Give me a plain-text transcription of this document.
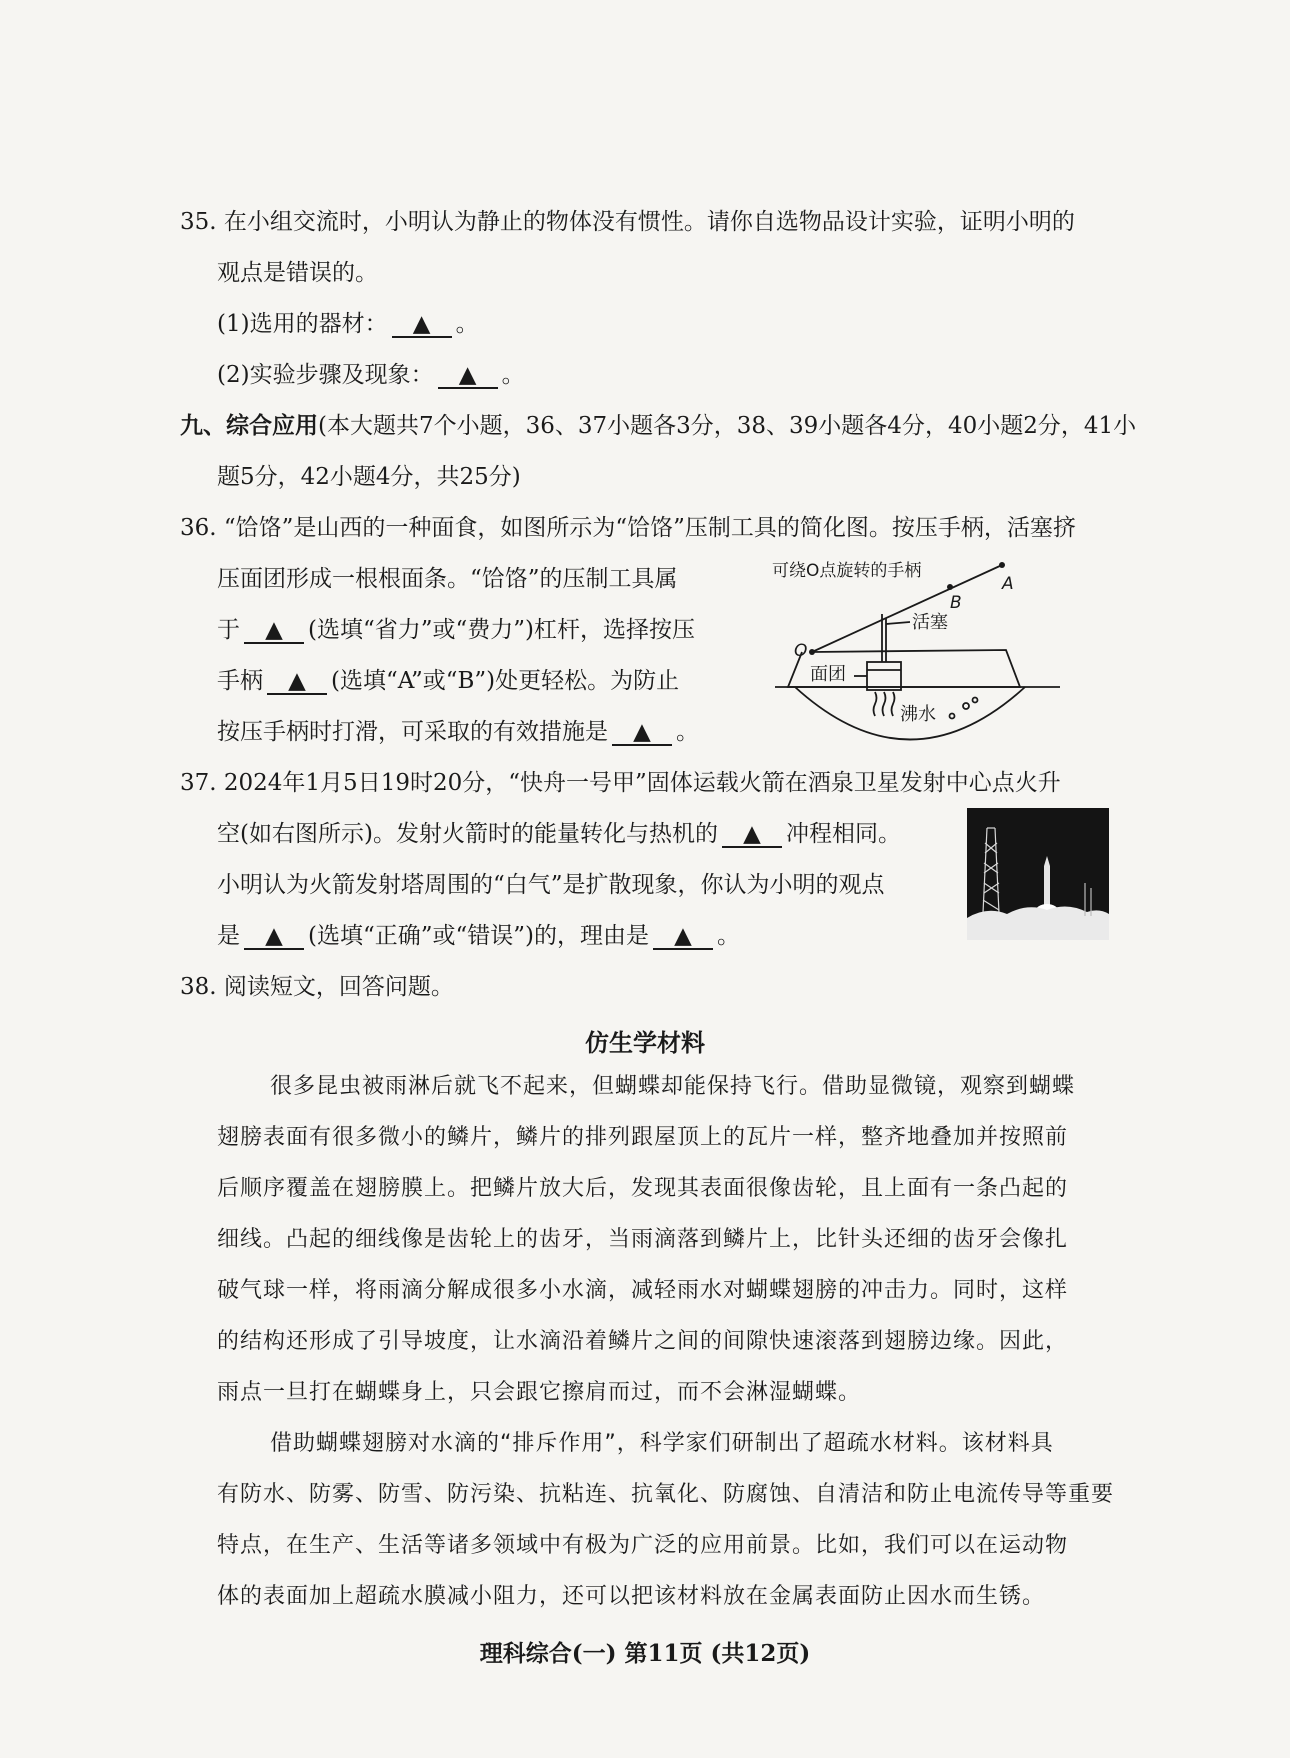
35. 在小组交流时，小明认为静止的物体没有惯性。请你自选物品设计实验，证明小明的
观点是错误的。
(1)选用的器材： ▲ 。
(2)实验步骤及现象： ▲ 。
九、综合应用(本大题共7个小题，36、37小题各3分，38、39小题各4分，40小题2分，41小
题5分，42小题4分，共25分)
36. “饸饹”是山西的一种面食，如图所示为“饸饹”压制工具的简化图。按压手柄，活塞挤
压面团形成一根根面条。“饸饹”的压制工具属
于 ▲ (选填“省力”或“费力”)杠杆，选择按压
手柄 ▲ (选填“A”或“B”)处更轻松。为防止
按压手柄时打滑，可采取的有效措施是 ▲ 。
可绕O点旋转的手柄
A
B
O
活塞
面团
沸水
37. 2024年1月5日19时20分，“快舟一号甲”固体运载火箭在酒泉卫星发射中心点火升
空(如右图所示)。发射火箭时的能量转化与热机的 ▲ 冲程相同。
小明认为火箭发射塔周围的“白气”是扩散现象，你认为小明的观点
是 ▲ (选填“正确”或“错误”)的，理由是 ▲ 。
38. 阅读短文，回答问题。
仿生学材料
很多昆虫被雨淋后就飞不起来，但蝴蝶却能保持飞行。借助显微镜，观察到蝴蝶
翅膀表面有很多微小的鳞片，鳞片的排列跟屋顶上的瓦片一样，整齐地叠加并按照前
后顺序覆盖在翅膀膜上。把鳞片放大后，发现其表面很像齿轮，且上面有一条凸起的
细线。凸起的细线像是齿轮上的齿牙，当雨滴落到鳞片上，比针头还细的齿牙会像扎
破气球一样，将雨滴分解成很多小水滴，减轻雨水对蝴蝶翅膀的冲击力。同时，这样
的结构还形成了引导坡度，让水滴沿着鳞片之间的间隙快速滚落到翅膀边缘。因此，
雨点一旦打在蝴蝶身上，只会跟它擦肩而过，而不会淋湿蝴蝶。
借助蝴蝶翅膀对水滴的“排斥作用”，科学家们研制出了超疏水材料。该材料具
有防水、防雾、防雪、防污染、抗粘连、抗氧化、防腐蚀、自清洁和防止电流传导等重要
特点，在生产、生活等诸多领域中有极为广泛的应用前景。比如，我们可以在运动物
体的表面加上超疏水膜减小阻力，还可以把该材料放在金属表面防止因水而生锈。
理科综合(一) 第11页 (共12页)
